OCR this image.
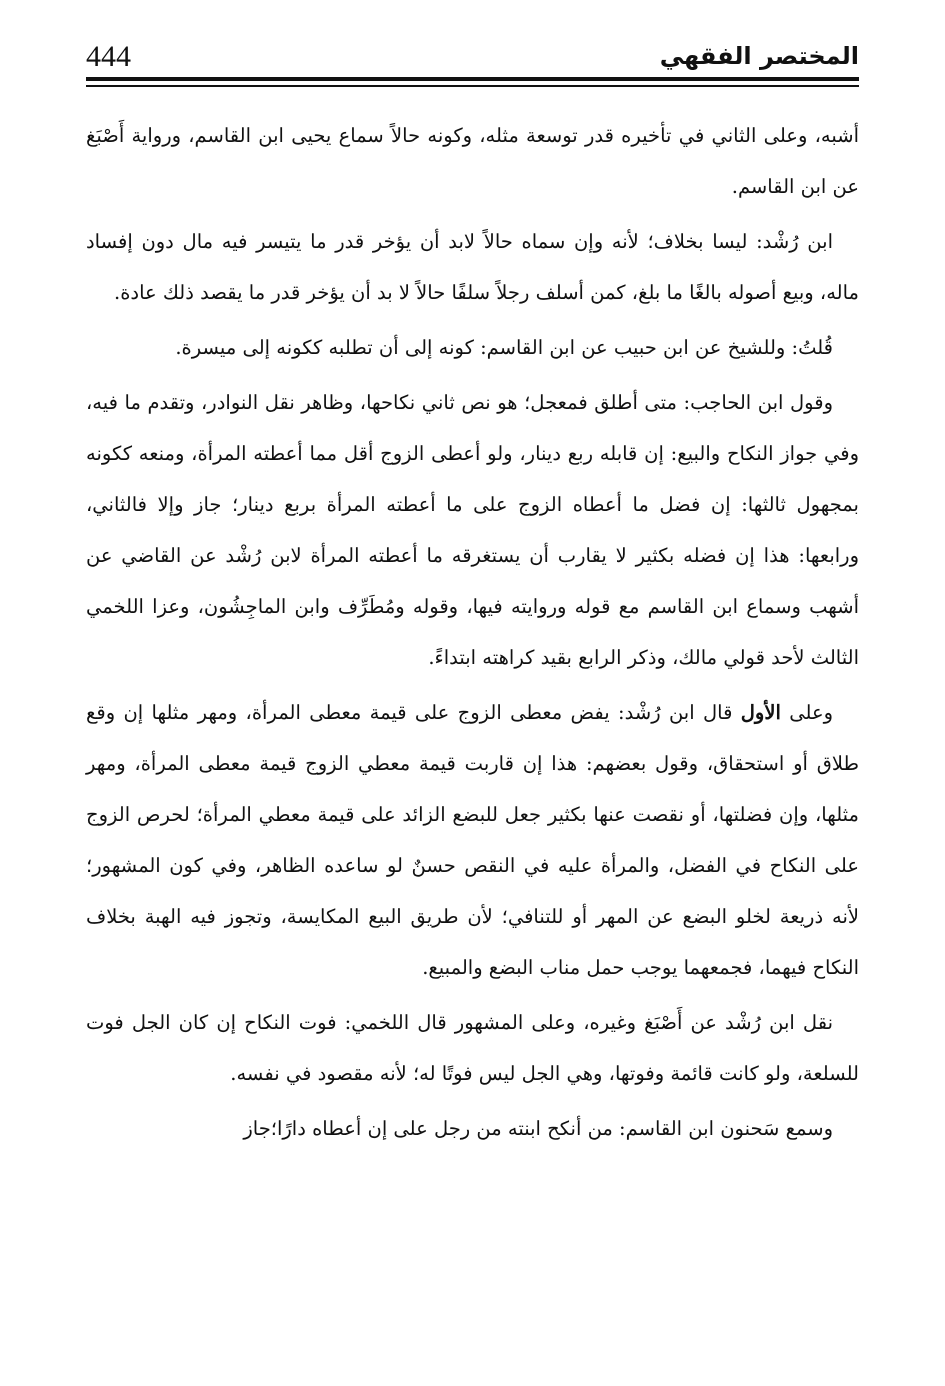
444	المختصر الفقهي

أشبه، وعلى الثاني في تأخيره قدر توسعة مثله، وكونه حالاً سماع يحيى ابن القاسم، ورواية أَصْبَغ عن ابن القاسم.

ابن رُشْد: ليسا بخلاف؛ لأنه وإن سماه حالاً لابد أن يؤخر قدر ما يتيسر فيه مال دون إفساد ماله، وبيع أصوله بالغًا ما بلغ، كمن أسلف رجلاً سلفًا حالاً لا بد أن يؤخر قدر ما يقصد ذلك عادة.

قُلتُ: وللشيخ عن ابن حبيب عن ابن القاسم: كونه إلى أن تطلبه ككونه إلى ميسرة.

وقول ابن الحاجب: متى أطلق فمعجل؛ هو نص ثاني نكاحها، وظاهر نقل النوادر، وتقدم ما فيه، وفي جواز النكاح والبيع: إن قابله ربع دينار، ولو أعطى الزوج أقل مما أعطته المرأة، ومنعه ككونه بمجهول ثالثها: إن فضل ما أعطاه الزوج على ما أعطته المرأة بربع دينار؛ جاز وإلا فالثاني، ورابعها: هذا إن فضله بكثير لا يقارب أن يستغرقه ما أعطته المرأة لابن رُشْد عن القاضي عن أشهب وسماع ابن القاسم مع قوله وروايته فيها، وقوله ومُطَرِّف وابن الماجِشُون، وعزا اللخمي الثالث لأحد قولي مالك، وذكر الرابع بقيد كراهته ابتداءً.

وعلى الأول قال ابن رُشْد: يفض معطى الزوج على قيمة معطى المرأة، ومهر مثلها إن وقع طلاق أو استحقاق، وقول بعضهم: هذا إن قاربت قيمة معطي الزوج قيمة معطى المرأة، ومهر مثلها، وإن فضلتها، أو نقصت عنها بكثير جعل للبضع الزائد على قيمة معطي المرأة؛ لحرص الزوج على النكاح في الفضل، والمرأة عليه في النقص حسنٌ لو ساعده الظاهر، وفي كون المشهور؛ لأنه ذريعة لخلو البضع عن المهر أو للتنافي؛ لأن طريق البيع المكايسة، وتجوز فيه الهبة بخلاف النكاح فيهما، فجمعهما يوجب حمل مناب البضع والمبيع.

نقل ابن رُشْد عن أَصْبَغ وغيره، وعلى المشهور قال اللخمي: فوت النكاح إن كان الجل فوت للسلعة، ولو كانت قائمة وفوتها، وهي الجل ليس فوتًا له؛ لأنه مقصود في نفسه.

وسمع سَحنون ابن القاسم: من أنكح ابنته من رجل على إن أعطاه دارًا؛جاز
